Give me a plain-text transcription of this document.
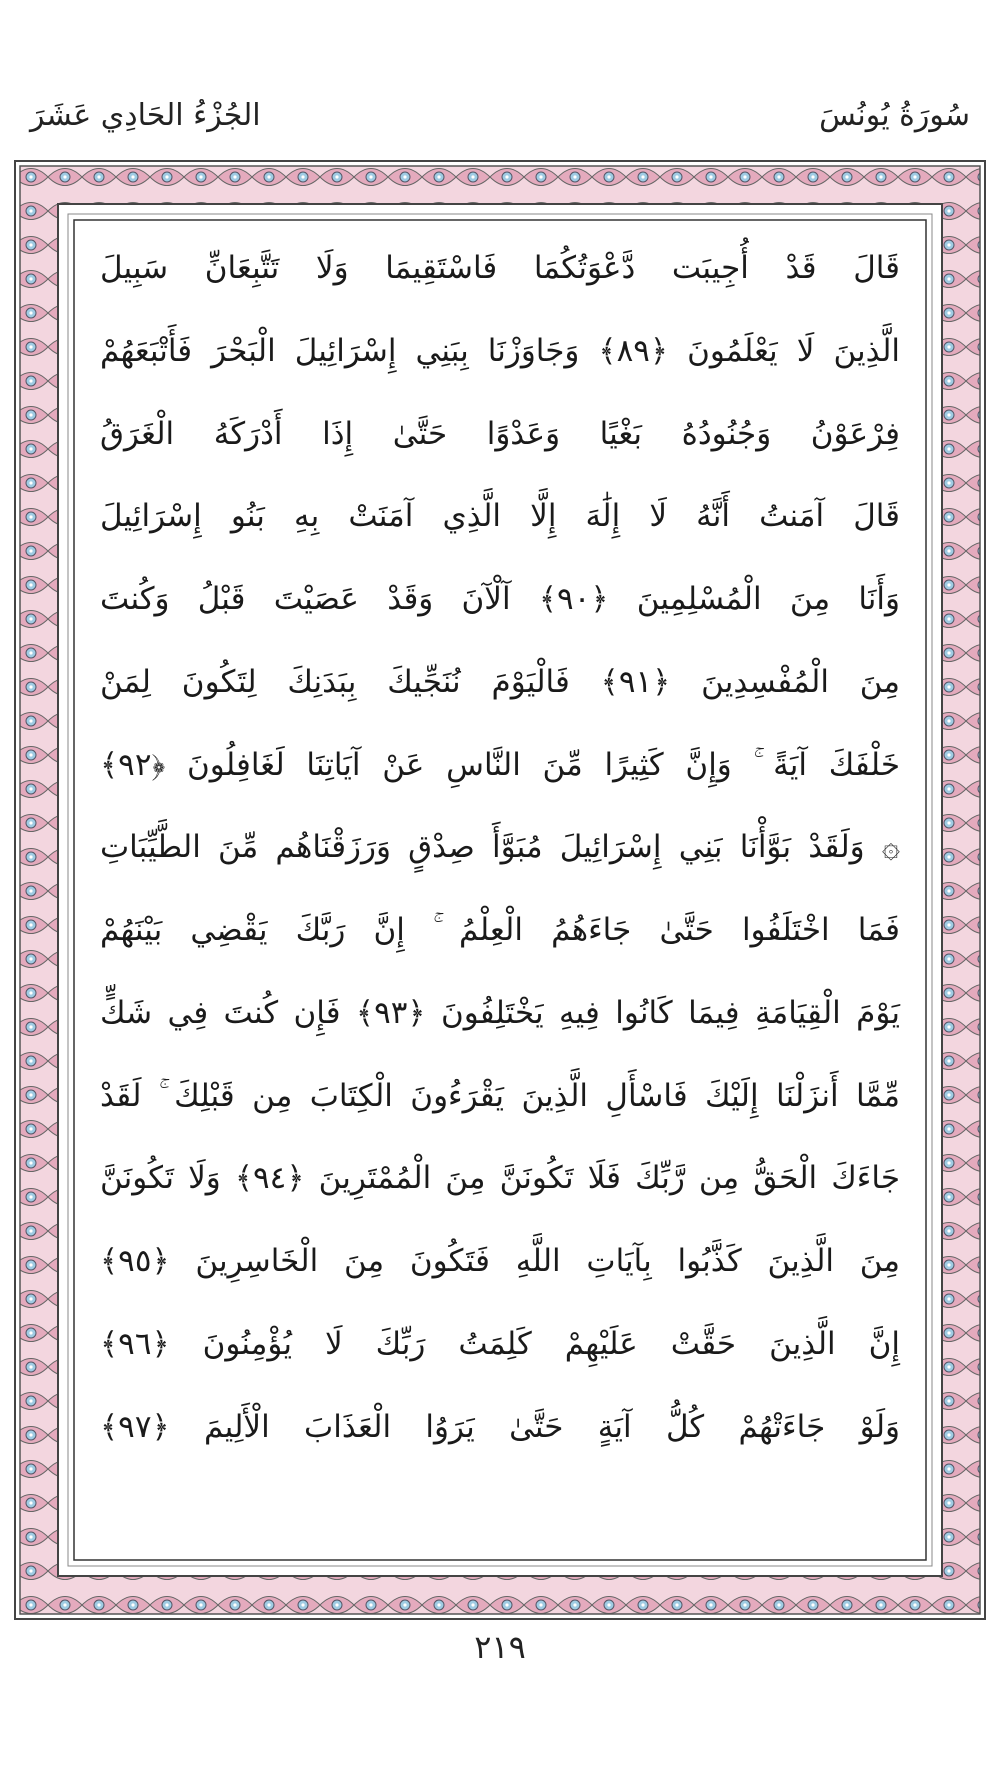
سُورَةُ يُونُسَ
الجُزْءُ الحَادِي عَشَرَ
قَالَ قَدْ أُجِيبَت دَّعْوَتُكُمَا فَاسْتَقِيمَا وَلَا تَتَّبِعَانِّ سَبِيلَ
الَّذِينَ لَا يَعْلَمُونَ ﴿٨٩﴾ وَجَاوَزْنَا بِبَنِي إِسْرَائِيلَ الْبَحْرَ فَأَتْبَعَهُمْ
فِرْعَوْنُ وَجُنُودُهُ بَغْيًا وَعَدْوًا حَتَّىٰ إِذَا أَدْرَكَهُ الْغَرَقُ
قَالَ آمَنتُ أَنَّهُ لَا إِلَٰهَ إِلَّا الَّذِي آمَنَتْ بِهِ بَنُو إِسْرَائِيلَ
وَأَنَا مِنَ الْمُسْلِمِينَ ﴿٩٠﴾ آلْآنَ وَقَدْ عَصَيْتَ قَبْلُ وَكُنتَ
مِنَ الْمُفْسِدِينَ ﴿٩١﴾ فَالْيَوْمَ نُنَجِّيكَ بِبَدَنِكَ لِتَكُونَ لِمَنْ
خَلْفَكَ آيَةً ۚ وَإِنَّ كَثِيرًا مِّنَ النَّاسِ عَنْ آيَاتِنَا لَغَافِلُونَ ﴿٩٢﴾
۞ وَلَقَدْ بَوَّأْنَا بَنِي إِسْرَائِيلَ مُبَوَّأَ صِدْقٍ وَرَزَقْنَاهُم مِّنَ الطَّيِّبَاتِ
فَمَا اخْتَلَفُوا حَتَّىٰ جَاءَهُمُ الْعِلْمُ ۚ إِنَّ رَبَّكَ يَقْضِي بَيْنَهُمْ
يَوْمَ الْقِيَامَةِ فِيمَا كَانُوا فِيهِ يَخْتَلِفُونَ ﴿٩٣﴾ فَإِن كُنتَ فِي شَكٍّ
مِّمَّا أَنزَلْنَا إِلَيْكَ فَاسْأَلِ الَّذِينَ يَقْرَءُونَ الْكِتَابَ مِن قَبْلِكَ ۚ لَقَدْ
جَاءَكَ الْحَقُّ مِن رَّبِّكَ فَلَا تَكُونَنَّ مِنَ الْمُمْتَرِينَ ﴿٩٤﴾ وَلَا تَكُونَنَّ
مِنَ الَّذِينَ كَذَّبُوا بِآيَاتِ اللَّهِ فَتَكُونَ مِنَ الْخَاسِرِينَ ﴿٩٥﴾
إِنَّ الَّذِينَ حَقَّتْ عَلَيْهِمْ كَلِمَتُ رَبِّكَ لَا يُؤْمِنُونَ ﴿٩٦﴾
وَلَوْ جَاءَتْهُمْ كُلُّ آيَةٍ حَتَّىٰ يَرَوُا الْعَذَابَ الْأَلِيمَ ﴿٩٧﴾
٢١٩
